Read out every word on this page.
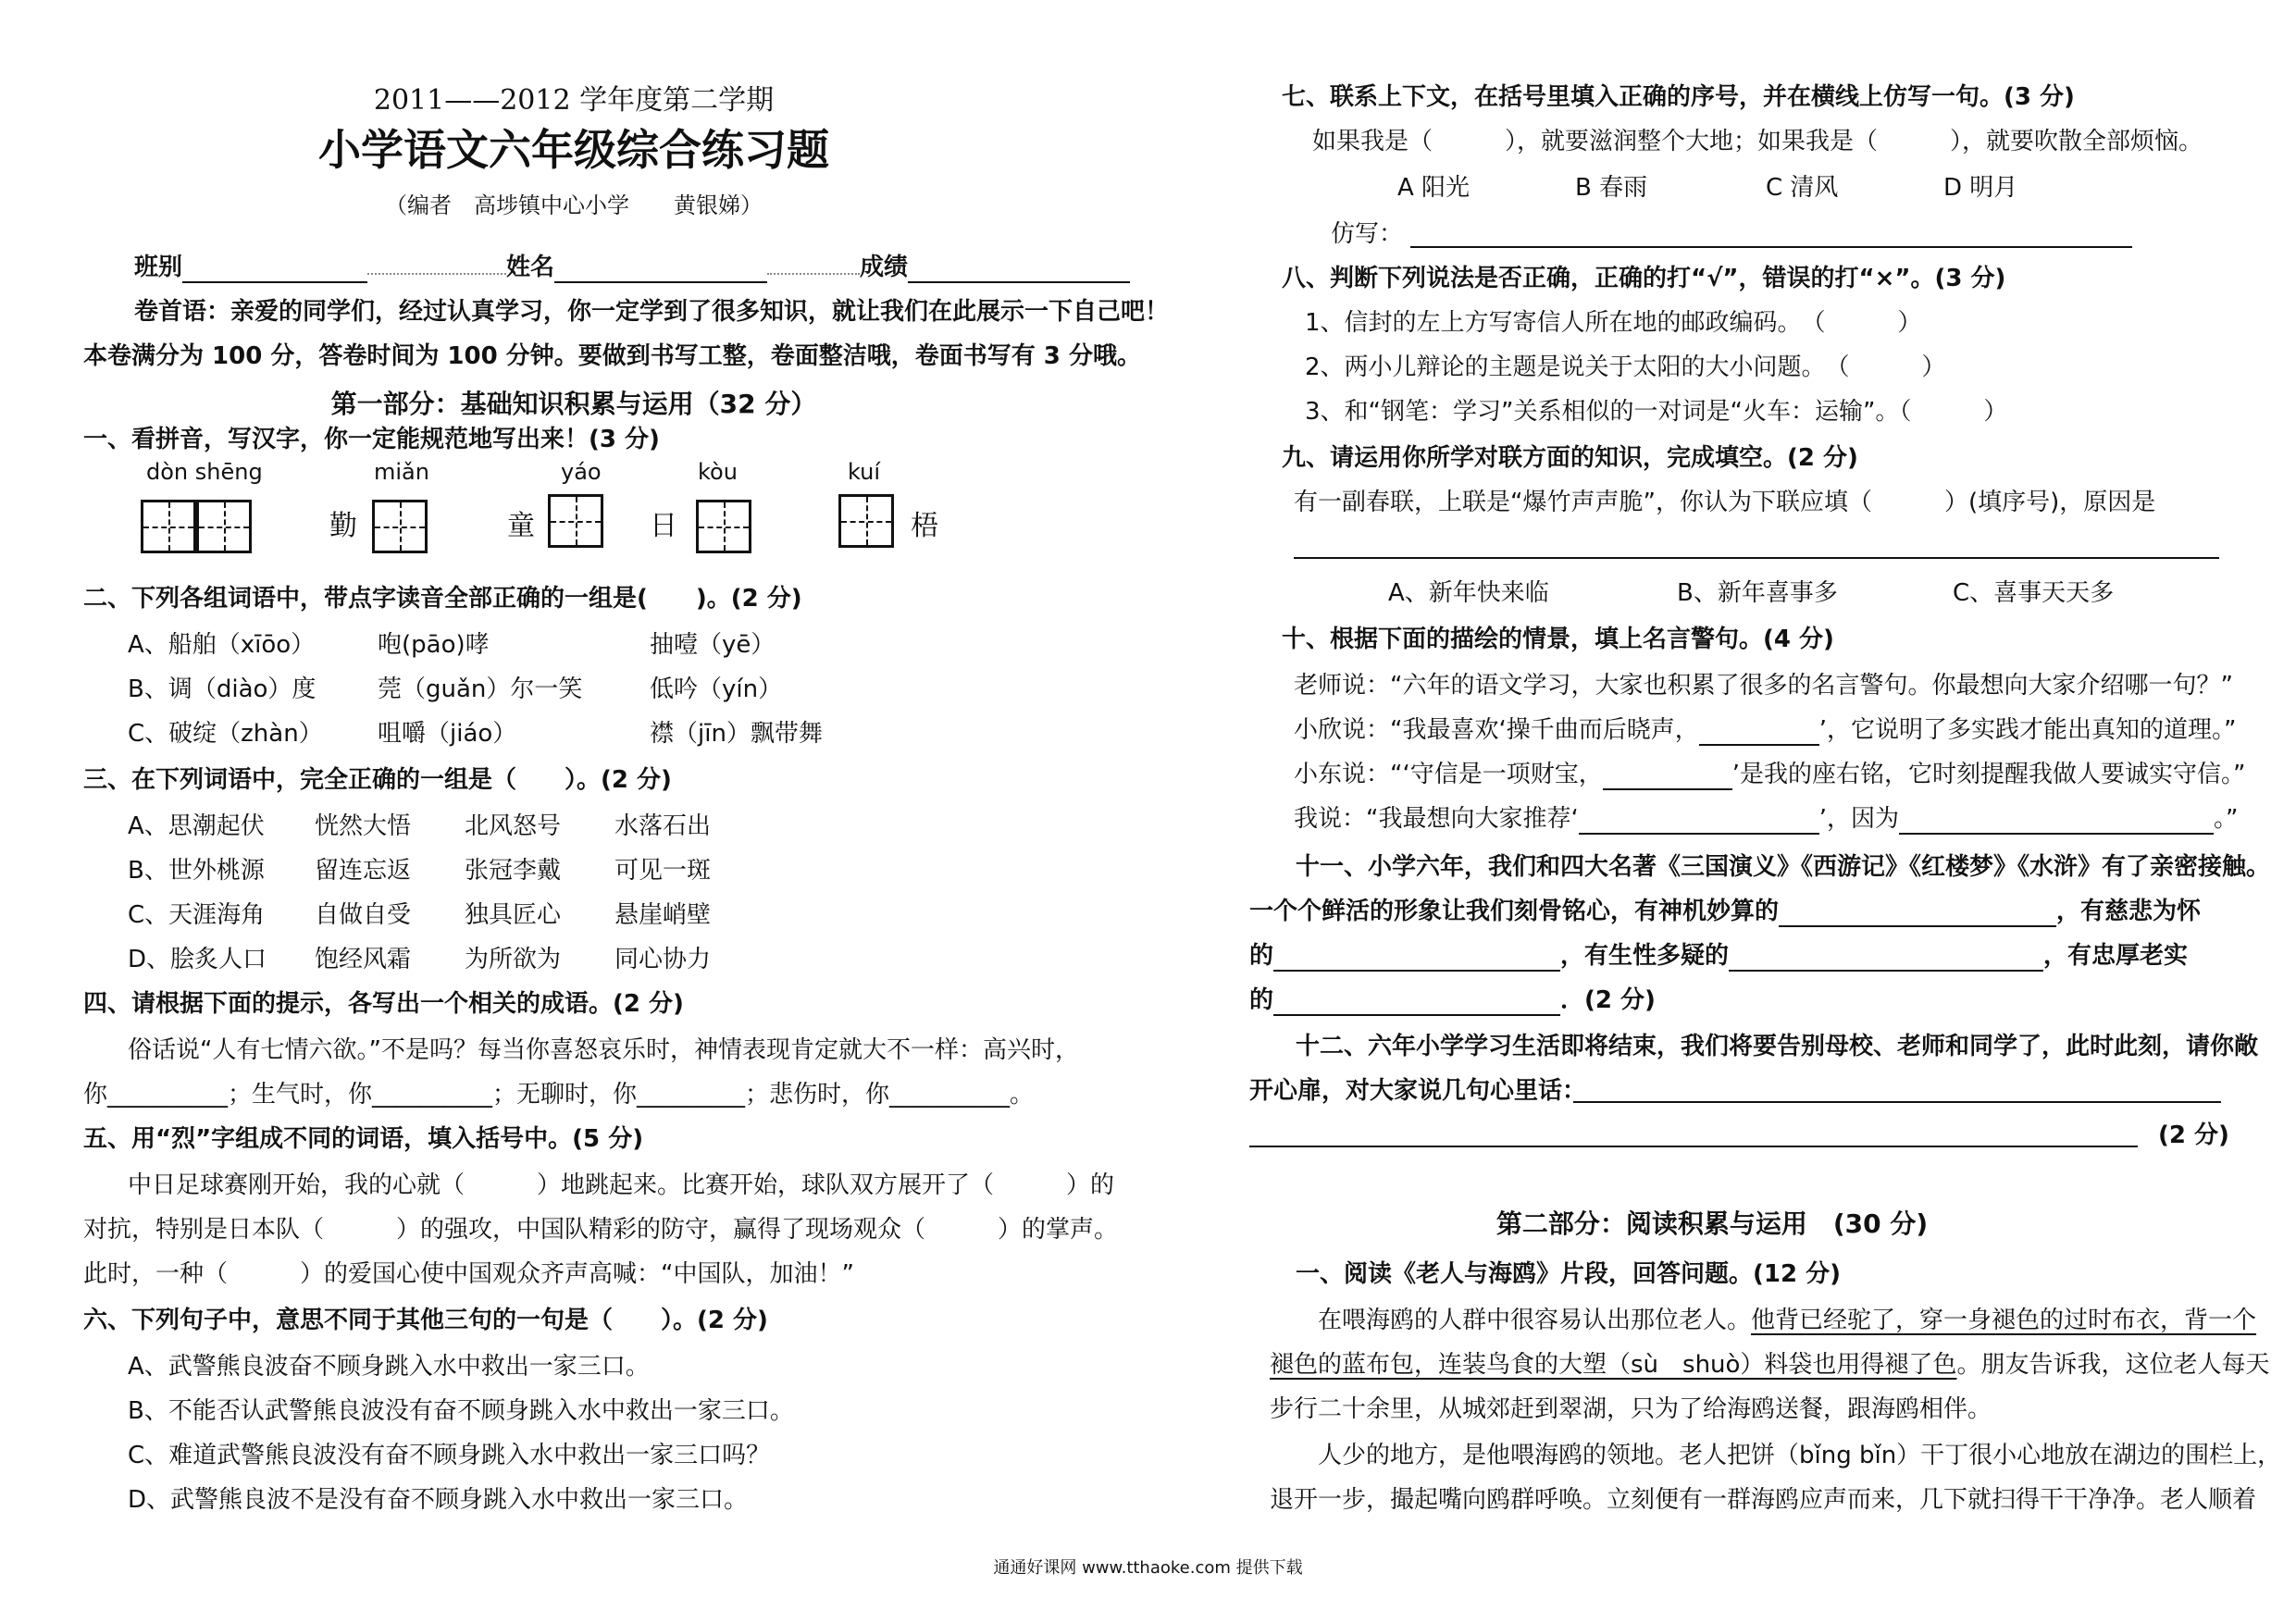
2011——2012 学年度第二学期
小学语文六年级综合练习题
（编者　高埗镇中心小学　　黄银娣）
班别	姓名	成绩
卷首语：亲爱的同学们，经过认真学习，你一定学到了很多知识，就让我们在此展示一下自己吧！
本卷满分为 100 分，答卷时间为 100 分钟。要做到书写工整，卷面整洁哦，卷面书写有 3 分哦。
第一部分：基础知识积累与运用（32 分）
一、看拼音，写汉字，你一定能规范地写出来！(3 分)
dòn shēng	miǎn	yáo	kòu	kuí
勤	童	日	梧
二、下列各组词语中，带点字读音全部正确的一组是(　　)。(2 分)
A、船舶（xīōo）	咆(pāo)哮	抽噎（yē）
B、调（diào）度	莞（guǎn）尔一笑	低吟（yín）
C、破绽（zhàn） 咀嚼（jiáo）	襟（jīn）飘带舞
三、在下列词语中，完全正确的一组是（　　）。(2 分)
A、思潮起伏 恍然大悟 北风怒号 水落石出
B、世外桃源 留连忘返 张冠李戴 可见一斑
C、天涯海角 自做自受 独具匠心 悬崖峭壁
D、脍炙人口 饱经风霜 为所欲为 同心协力
四、请根据下面的提示，各写出一个相关的成语。(2 分)
俗话说“人有七情六欲。”不是吗？每当你喜怒哀乐时，神情表现肯定就大不一样：高兴时，
你__________；生气时，你__________；无聊时，你_________；悲伤时，你__________。
五、用“烈”字组成不同的词语，填入括号中。(5 分)
中日足球赛刚开始，我的心就（　　　）地跳起来。比赛开始，球队双方展开了（　　　）的
对抗，特别是日本队（　　　）的强攻，中国队精彩的防守，赢得了现场观众（　　　）的掌声。
此时，一种（　　　）的爱国心使中国观众齐声高喊：“中国队，加油！”
六、下列句子中，意思不同于其他三句的一句是（　　）。(2 分)
A、武警熊良波奋不顾身跳入水中救出一家三口。
B、不能否认武警熊良波没有奋不顾身跳入水中救出一家三口。
C、难道武警熊良波没有奋不顾身跳入水中救出一家三口吗？
D、武警熊良波不是没有奋不顾身跳入水中救出一家三口。
七、联系上下文，在括号里填入正确的序号，并在横线上仿写一句。(3 分)
如果我是（　　　），就要滋润整个大地；如果我是（　　　），就要吹散全部烦恼。
A 阳光	B 春雨	C 清风	D 明月
仿写：
八、判断下列说法是否正确，正确的打“√”，错误的打“×”。(3 分)
1、信封的左上方写寄信人所在地的邮政编码。　（　　　）
2、两小儿辩论的主题是说关于太阳的大小问题。　（　　　）
3、和“钢笔：学习”关系相似的一对词是“火车：运输”。（　　　）
九、请运用你所学对联方面的知识，完成填空。(2 分)
有一副春联，上联是“爆竹声声脆”，你认为下联应填（　　　）(填序号)，原因是
A、新年快来临	B、新年喜事多	C、喜事天天多
十、根据下面的描绘的情景，填上名言警句。(4 分)
老师说：“六年的语文学习，大家也积累了很多的名言警句。你最想向大家介绍哪一句？”
小欣说：“我最喜欢‘操千曲而后晓声，	’，它说明了多实践才能出真知的道理。”
小东说：“‘守信是一项财宝，	’是我的座右铭，它时刻提醒我做人要诚实守信。”
我说：“我最想向大家推荐‘	’，因为	。”
十一、小学六年，我们和四大名著《三国演义》《西游记》《红楼梦》《水浒》有了亲密接触。
一个个鲜活的形象让我们刻骨铭心，有神机妙算的	，有慈悲为怀
的	，有生性多疑的	，有忠厚老实
的	．(2 分)
十二、六年小学学习生活即将结束，我们将要告别母校、老师和同学了，此时此刻，请你敞
开心扉，对大家说几句心里话：
(2 分)
第二部分：阅读积累与运用　(30 分)
一、阅读《老人与海鸥》片段，回答问题。(12 分)
在喂海鸥的人群中很容易认出那位老人。他背已经驼了，穿一身褪色的过时布衣，背一个
褪色的蓝布包，连装鸟食的大塑（sù　shuò）料袋也用得褪了色。朋友告诉我，这位老人每天
步行二十余里，从城郊赶到翠湖，只为了给海鸥送餐，跟海鸥相伴。
人少的地方，是他喂海鸥的领地。老人把饼（bǐng bǐn）干丁很小心地放在湖边的围栏上，
退开一步，撮起嘴向鸥群呼唤。立刻便有一群海鸥应声而来，几下就扫得干干净净。老人顺着
通通好课网 www.tthaoke.com 提供下载
